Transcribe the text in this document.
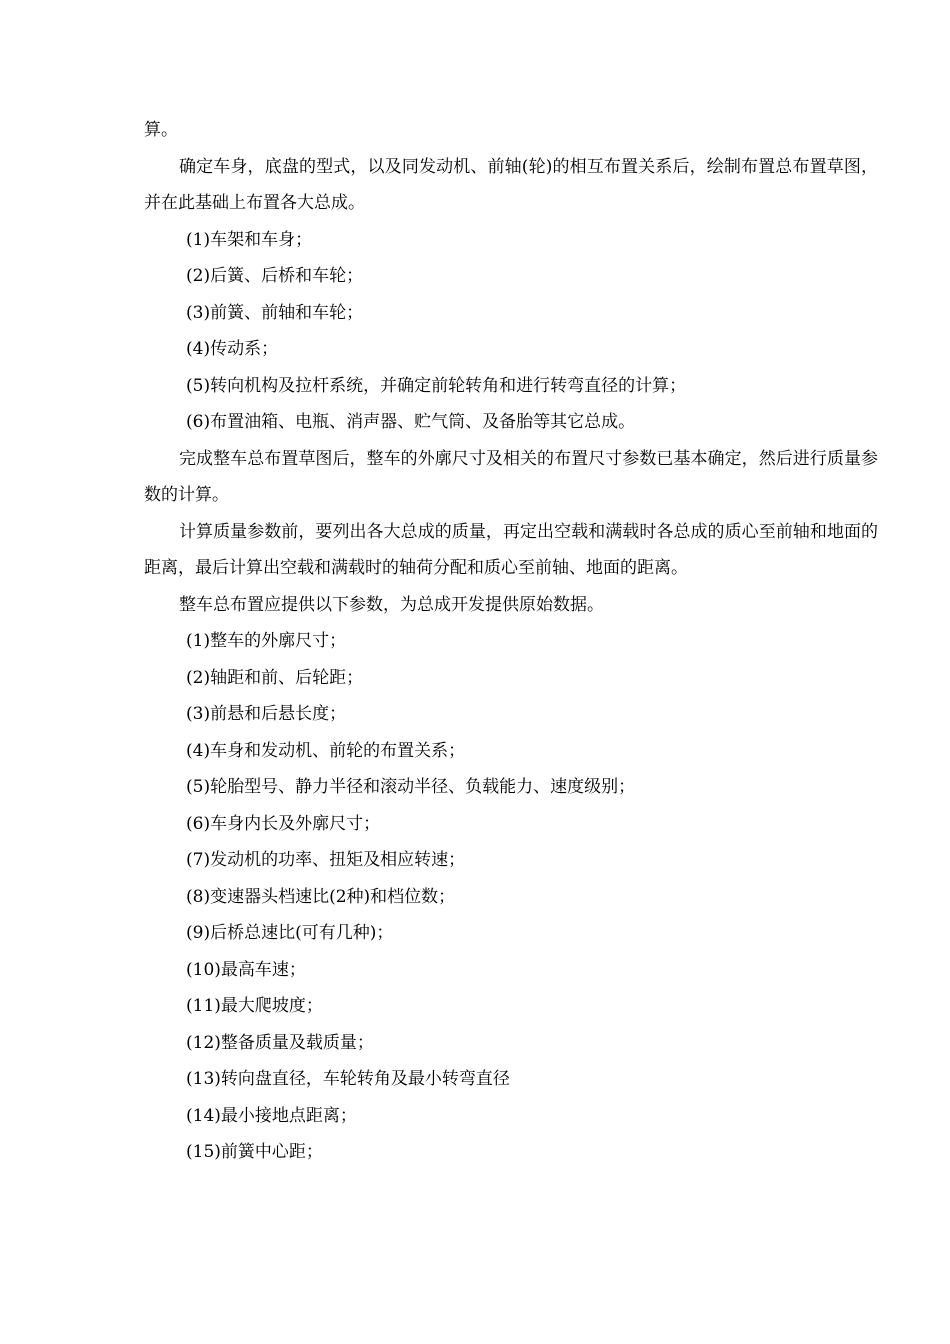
算。

确定车身，底盘的型式，以及同发动机、前轴(轮)的相互布置关系后，绘制布置总布置草图，并在此基础上布置各大总成。

(1)车架和车身；

(2)后簧、后桥和车轮；

(3)前簧、前轴和车轮；

(4)传动系；

(5)转向机构及拉杆系统，并确定前轮转角和进行转弯直径的计算；

(6)布置油箱、电瓶、消声器、贮气筒、及备胎等其它总成。

完成整车总布置草图后，整车的外廓尺寸及相关的布置尺寸参数已基本确定，然后进行质量参数的计算。

计算质量参数前，要列出各大总成的质量，再定出空载和满载时各总成的质心至前轴和地面的距离，最后计算出空载和满载时的轴荷分配和质心至前轴、地面的距离。

整车总布置应提供以下参数，为总成开发提供原始数据。

(1)整车的外廓尺寸；

(2)轴距和前、后轮距；

(3)前悬和后悬长度；

(4)车身和发动机、前轮的布置关系；

(5)轮胎型号、静力半径和滚动半径、负载能力、速度级别；

(6)车身内长及外廓尺寸；

(7)发动机的功率、扭矩及相应转速；

(8)变速器头档速比(2种)和档位数；

(9)后桥总速比(可有几种)；

(10)最高车速；

(11)最大爬坡度；

(12)整备质量及载质量；

(13)转向盘直径，车轮转角及最小转弯直径

(14)最小接地点距离；

(15)前簧中心距；
